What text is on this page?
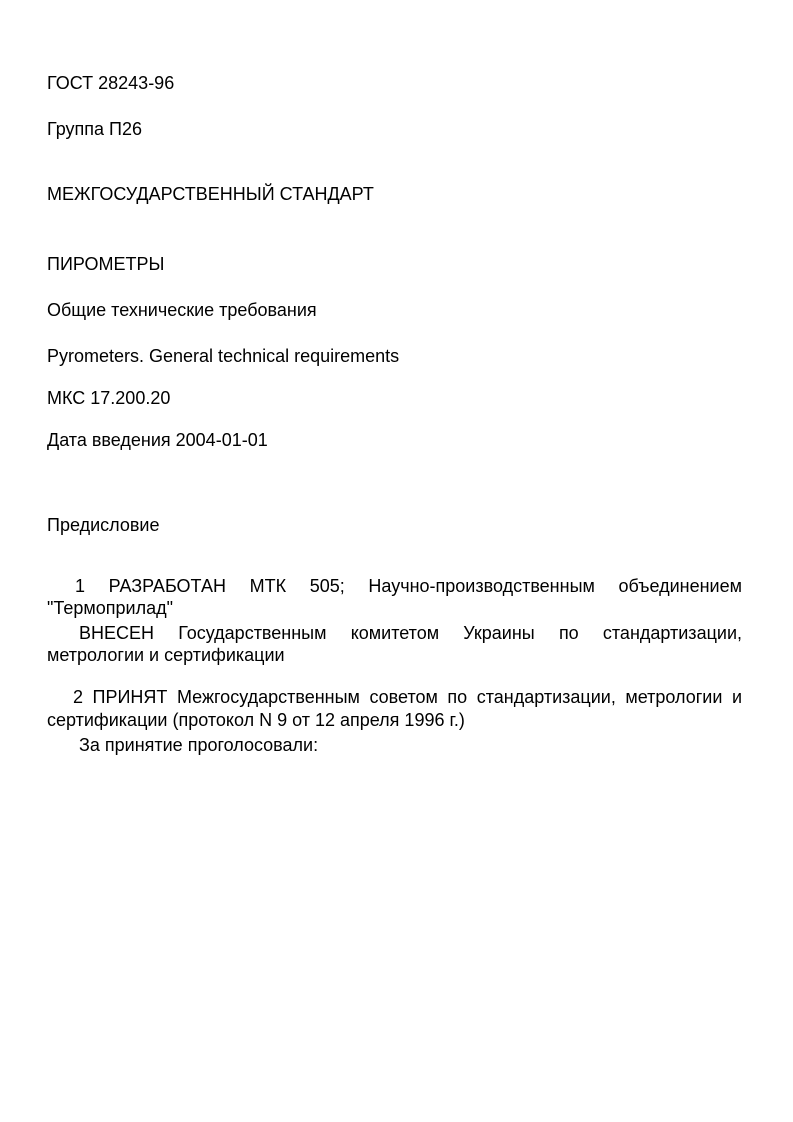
ГОСТ 28243-96
Группа П26
МЕЖГОСУДАРСТВЕННЫЙ СТАНДАРТ
ПИРОМЕТРЫ
Общие технические требования
Pyrometers. General technical requirements
МКС 17.200.20
Дата введения 2004-01-01
Предисловие
1 РАЗРАБОТАН МТК 505; Научно-производственным объединением
"Термоприлад"
ВНЕСЕН Государственным комитетом Украины по стандартизации,
метрологии и сертификации
2 ПРИНЯТ Межгосударственным советом по стандартизации, метрологии и
сертификации (протокол N 9 от 12 апреля 1996 г.)
За принятие проголосовали:
